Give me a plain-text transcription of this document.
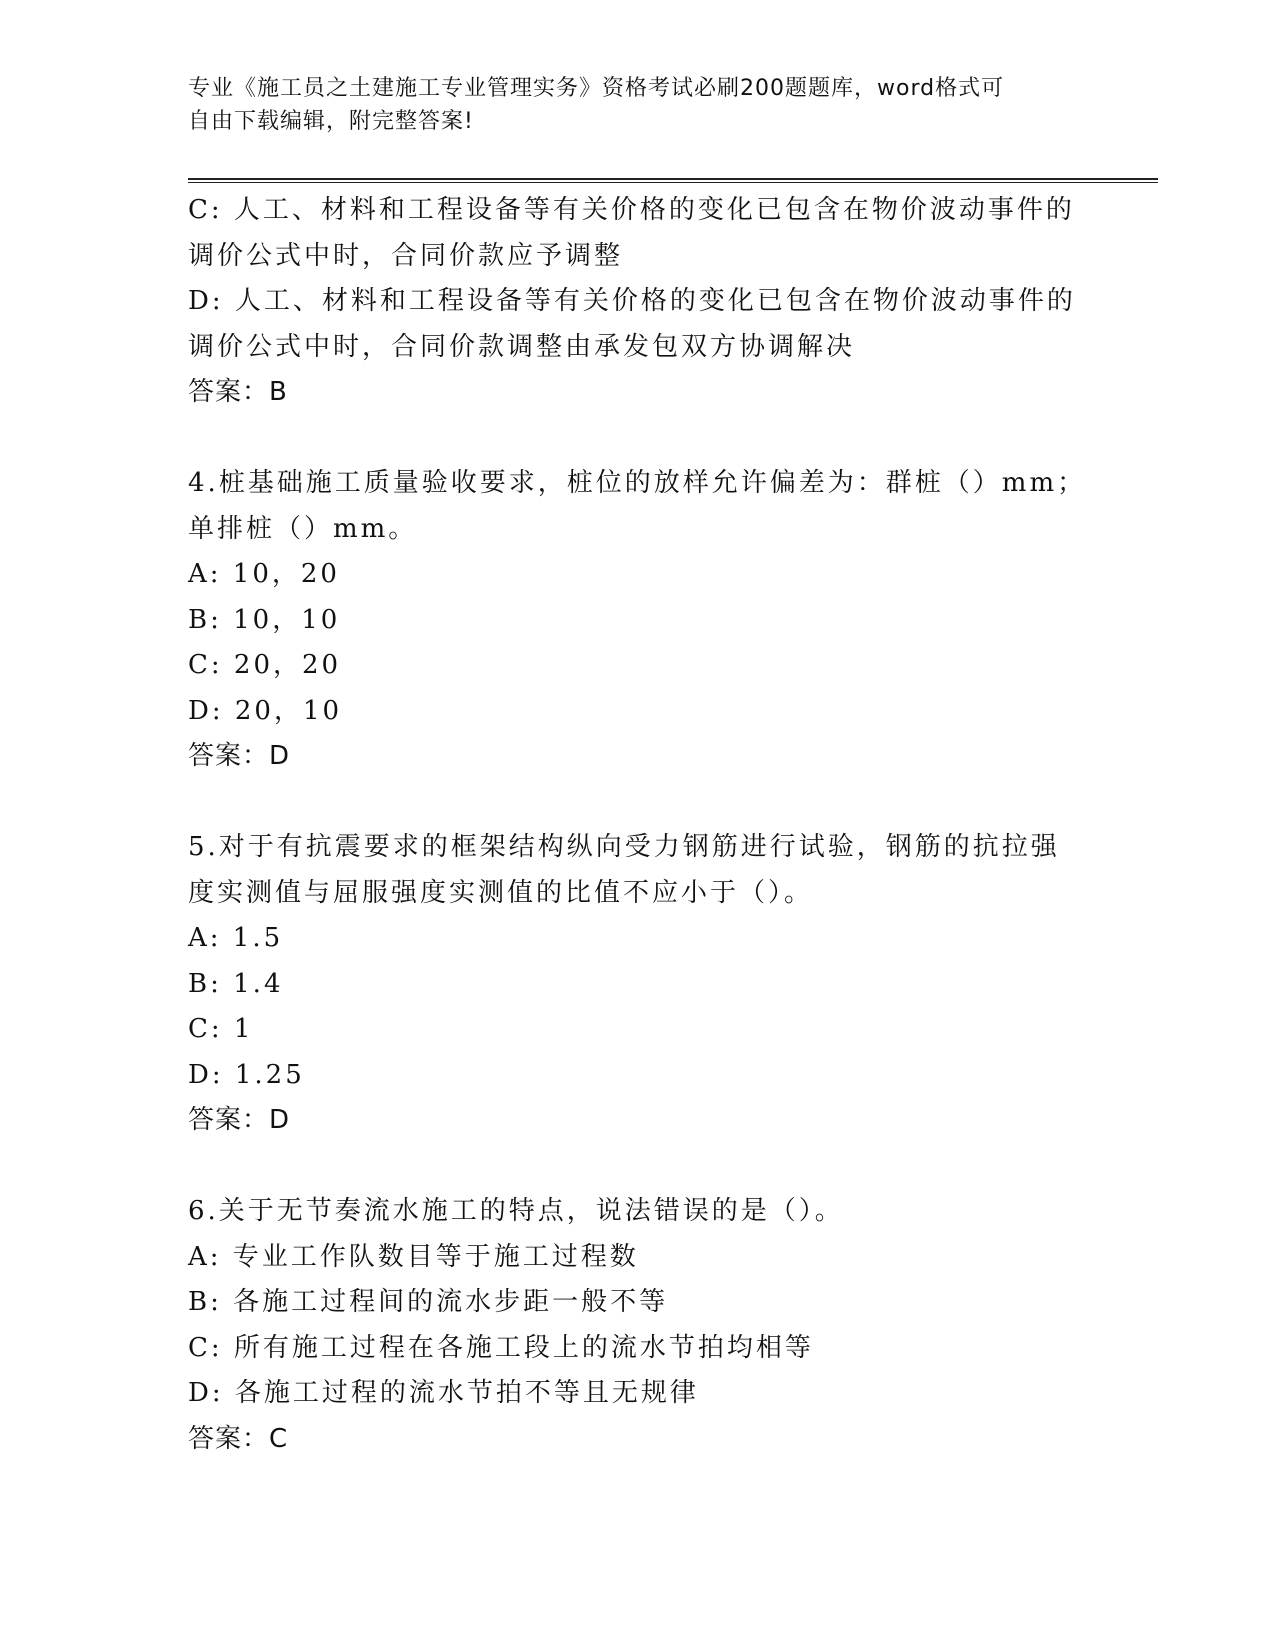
专业《施工员之土建施工专业管理实务》资格考试必刷200题题库，word格式可
自由下载编辑，附完整答案!
C: 人工、材料和工程设备等有关价格的变化已包含在物价波动事件的
调价公式中时，合同价款应予调整
D: 人工、材料和工程设备等有关价格的变化已包含在物价波动事件的
调价公式中时，合同价款调整由承发包双方协调解决
答案：B
4.桩基础施工质量验收要求，桩位的放样允许偏差为：群桩（）mm；
单排桩（）mm。
A: 10，20
B: 10，10
C: 20，20
D: 20，10
答案：D
5.对于有抗震要求的框架结构纵向受力钢筋进行试验，钢筋的抗拉强
度实测值与屈服强度实测值的比值不应小于（）。
A: 1.5
B: 1.4
C: 1
D: 1.25
答案：D
6.关于无节奏流水施工的特点，说法错误的是（）。
A: 专业工作队数目等于施工过程数
B: 各施工过程间的流水步距一般不等
C: 所有施工过程在各施工段上的流水节拍均相等
D: 各施工过程的流水节拍不等且无规律
答案：C
